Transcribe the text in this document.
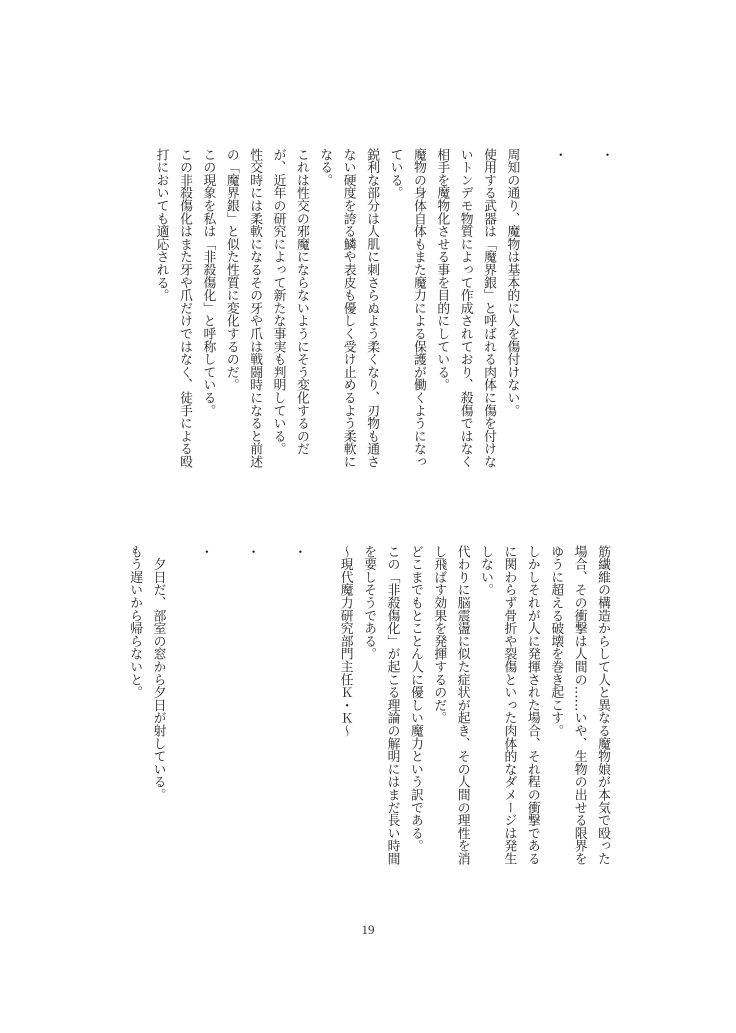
・

・

周知の通り、魔物は基本的に人を傷付けない。
使用する武器は「魔界銀」と呼ばれる肉体に傷を付けな
いトンデモ物質によって作成されており、殺傷ではなく
相手を魔物化させる事を目的にしている。
魔物の身体自体もまた魔力による保護が働くようになっ
ている。
鋭利な部分は人肌に刺さらぬよう柔くなり、刃物も通さ
ない硬度を誇る鱗や表皮も優しく受け止めるよう柔軟に
なる。
これは性交の邪魔にならないようにそう変化するのだ
が、近年の研究によって新たな事実も判明している。
性交時には柔軟になるその牙や爪は戦闘時になると前述
の「魔界銀」と似た性質に変化するのだ。
この現象を私は「非殺傷化」と呼称している。
この非殺傷化はまた牙や爪だけではなく、徒手による殴
打においても適応される。
筋繊維の構造からして人と異なる魔物娘が本気で殴った
場合、その衝撃は人間の……いや、生物の出せる限界を
ゆうに超える破壊を巻き起こす。
しかしそれが人に発揮された場合、それ程の衝撃である
に関わらず骨折や裂傷といった肉体的なダメージは発生
しない。
代わりに脳震盪に似た症状が起き、その人間の理性を消
し飛ばす効果を発揮するのだ。
どこまでもとことん人に優しい魔力という訳である。
この「非殺傷化」が起こる理論の解明にはまだ長い時間
を要しそうである。
〜現代魔力研究部門主任Ｋ・Ｋ〜

・

・

・

　夕日だ、部室の窓から夕日が射している。
もう遅いから帰らないと。
19
